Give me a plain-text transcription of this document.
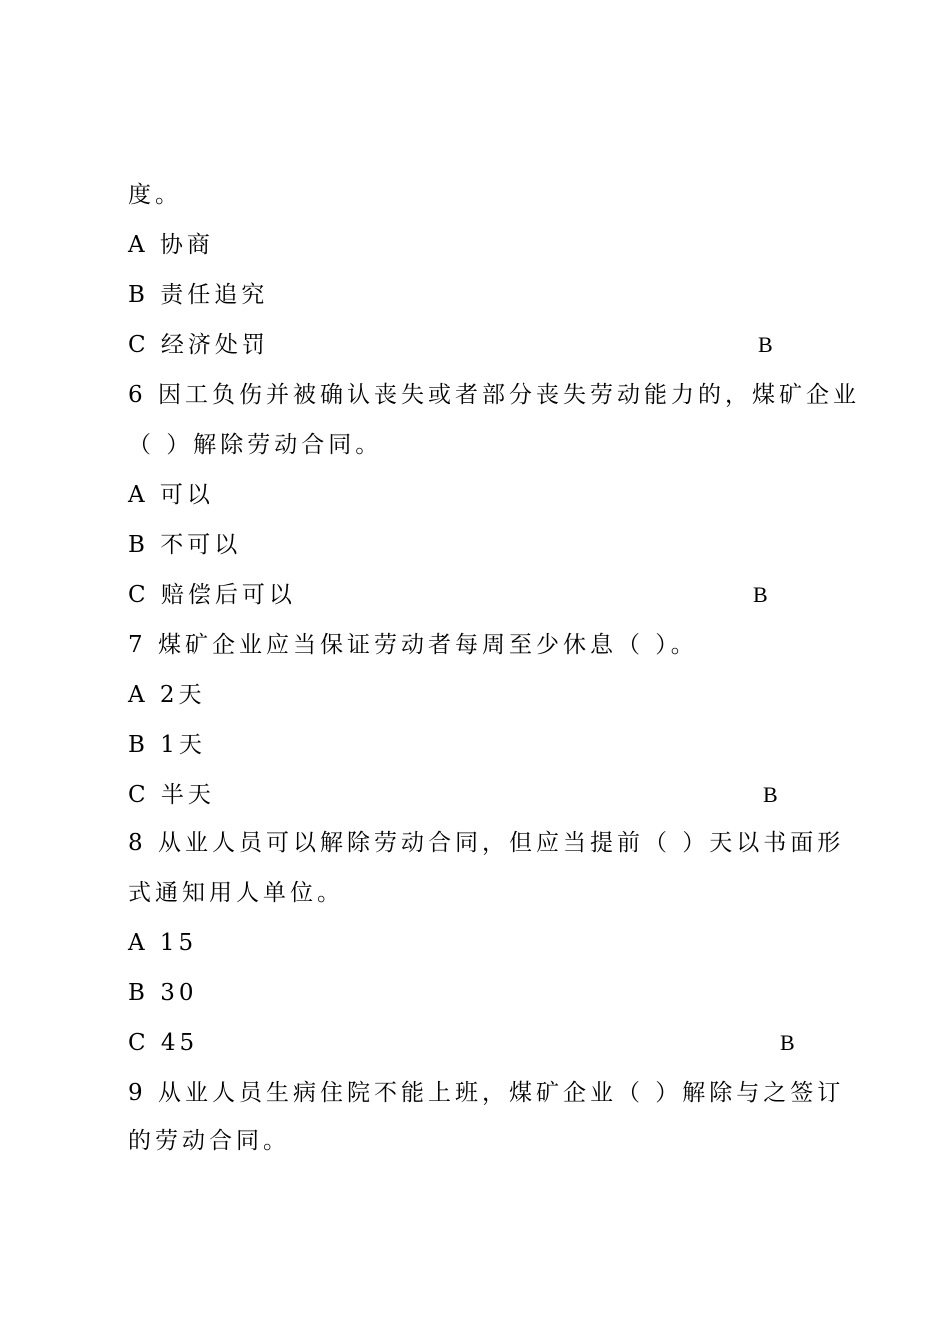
度。
A 协商
B 责任追究
C 经济处罚	B
6 因工负伤并被确认丧失或者部分丧失劳动能力的，煤矿企业
（ ）解除劳动合同。
A 可以
B 不可以
C 赔偿后可以	B
7 煤矿企业应当保证劳动者每周至少休息（ ）。
A 2天
B 1天
C 半天	B
8 从业人员可以解除劳动合同，但应当提前（ ）天以书面形
式通知用人单位。
A 15
B 30
C 45	B
9 从业人员生病住院不能上班，煤矿企业（ ）解除与之签订
的劳动合同。
